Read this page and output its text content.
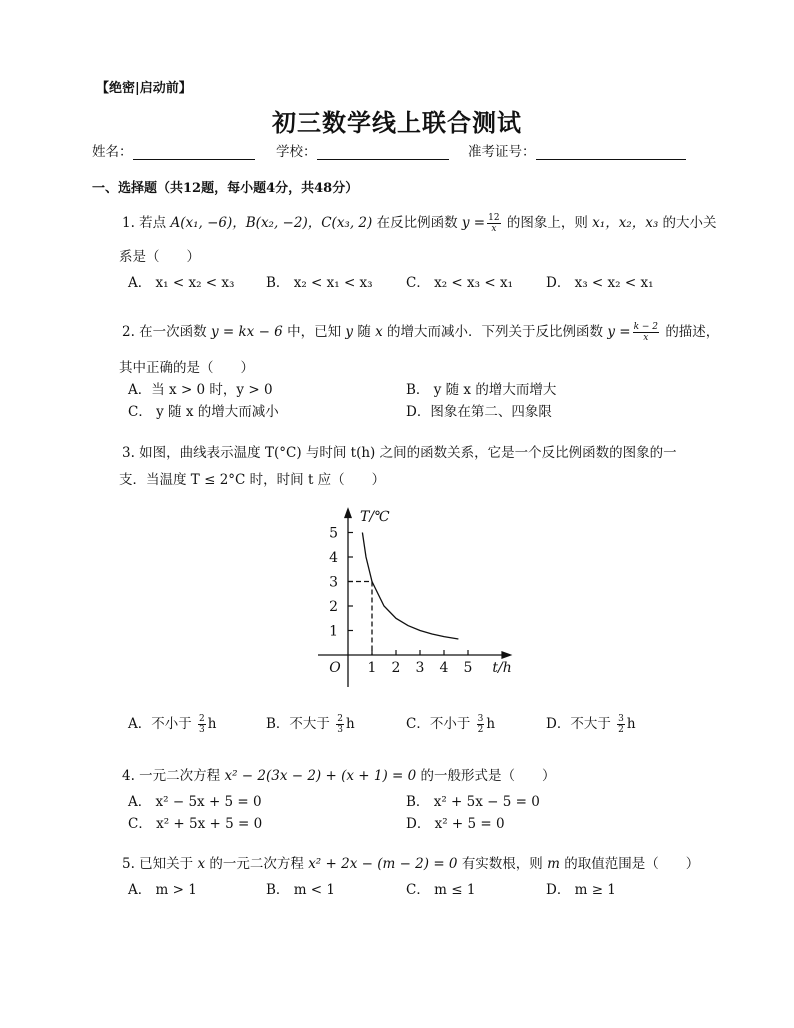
【绝密|启动前】
初三数学线上联合测试
姓名：	学校：	准考证号：
一、选择题（共12题，每小题4分，共48分）
1. 若点 A(x₁, −6)，B(x₂, −2)，C(x₃, 2) 在反比例函数 $y = \frac{12}{x}$ 的图象上，则 x₁，x₂，x₃ 的大小关
系是（　　）
A． x₁ < x₂ < x₃ B． x₂ < x₁ < x₃ C． x₂ < x₃ < x₁ D． x₃ < x₂ < x₁
2. 在一次函数 y = kx − 6 中，已知 y 随 x 的增大而减小．下列关于反比例函数 $y = \frac{k - 2}{x}$ 的描述，
其中正确的是（　　）
A．当 x > 0 时，y > 0	B． y 随 x 的增大而增大
C． y 随 x 的增大而减小	D．图象在第二、四象限
3. 如图，曲线表示温度 T(°C) 与时间 t(h) 之间的函数关系，它是一个反比例函数的图象的一
支．当温度 T ≤ 2°C 时，时间 t 应（　　）
1 2 3 4 5
1
2
3
4
5
T/℃
t/h
O
A．不小于 $\frac{2}{3}$ h	B．不大于 $\frac{2}{3}$ h	C．不小于 $\frac{3}{2}$ h	D．不大于 $\frac{3}{2}$ h
4. 一元二次方程 x² − 2(3x − 2) + (x + 1) = 0 的一般形式是（　　）
A． x² − 5x + 5 = 0	B． x² + 5x − 5 = 0
C． x² + 5x + 5 = 0	D． x² + 5 = 0
5. 已知关于 x 的一元二次方程 x² + 2x − (m − 2) = 0 有实数根，则 m 的取值范围是（　　）
A． m > 1	B． m < 1	C． m ≤ 1	D． m ≥ 1
